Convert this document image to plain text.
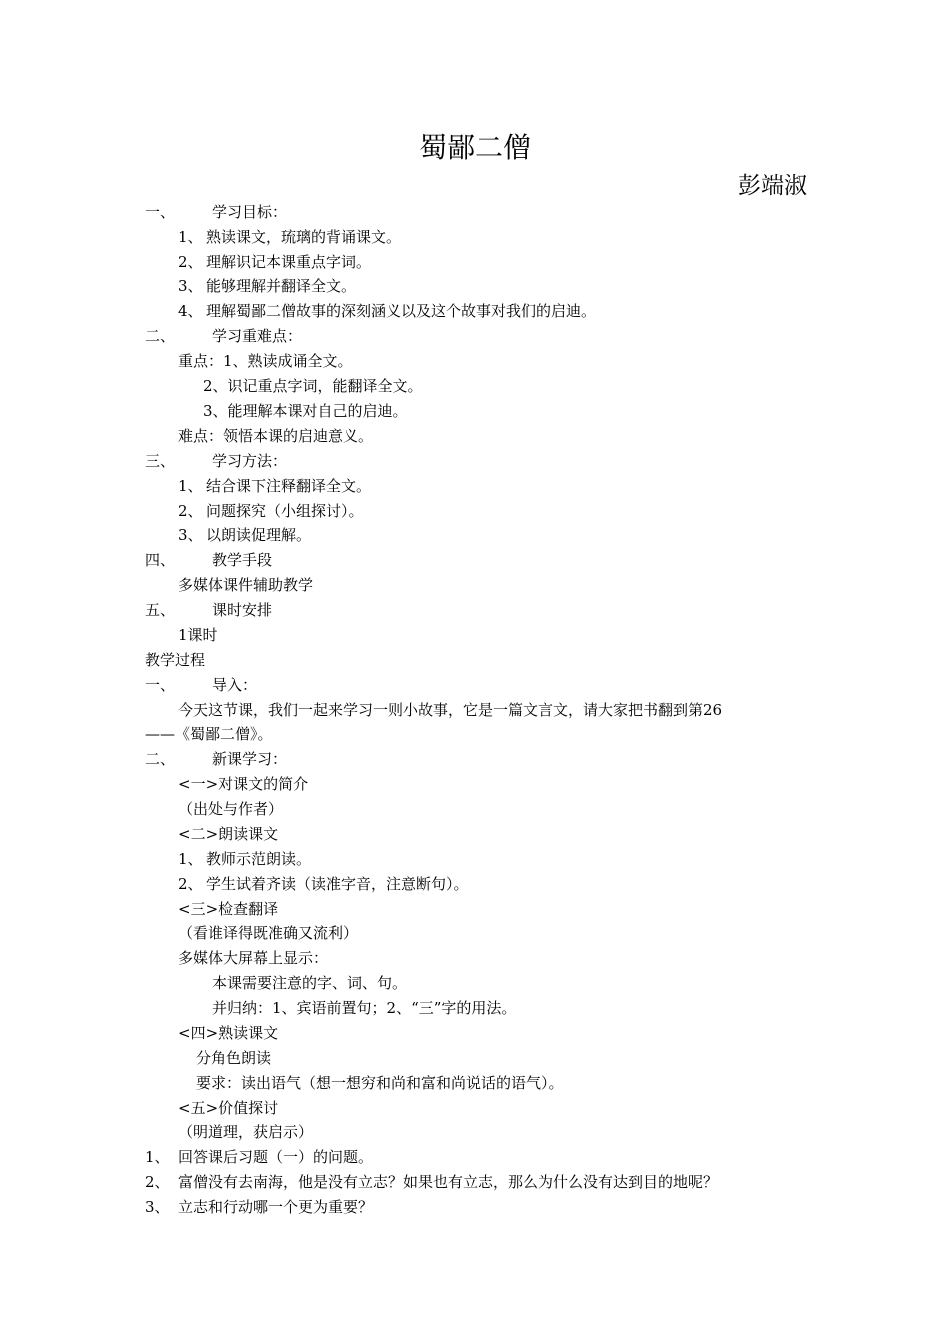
蜀鄙二僧
彭端淑
一、 学习目标：
1、 熟读课文，琉璃的背诵课文。
2、 理解识记本课重点字词。
3、 能够理解并翻译全文。
4、 理解蜀鄙二僧故事的深刻涵义以及这个故事对我们的启迪。
二、 学习重难点：
重点：1、熟读成诵全文。
2、识记重点字词，能翻译全文。
3、能理解本课对自己的启迪。
难点：领悟本课的启迪意义。
三、 学习方法：
1、 结合课下注释翻译全文。
2、 问题探究（小组探讨）。
3、 以朗读促理解。
四、 教学手段
多媒体课件辅助教学
五、 课时安排
1课时
教学过程
一、 导入：
今天这节课，我们一起来学习一则小故事，它是一篇文言文，请大家把书翻到第26
——《蜀鄙二僧》。
二、 新课学习：
<一>对课文的简介
（出处与作者）
<二>朗读课文
1、 教师示范朗读。
2、 学生试着齐读（读准字音，注意断句）。
<三>检查翻译
（看谁译得既准确又流利）
多媒体大屏幕上显示：
本课需要注意的字、词、句。
并归纳：1、宾语前置句；2、“三”字的用法。
<四>熟读课文
分角色朗读
要求：读出语气（想一想穷和尚和富和尚说话的语气）。
<五>价值探讨
（明道理，获启示）
1、 回答课后习题（一）的问题。
2、 富僧没有去南海，他是没有立志？如果也有立志，那么为什么没有达到目的地呢？
3、 立志和行动哪一个更为重要？
